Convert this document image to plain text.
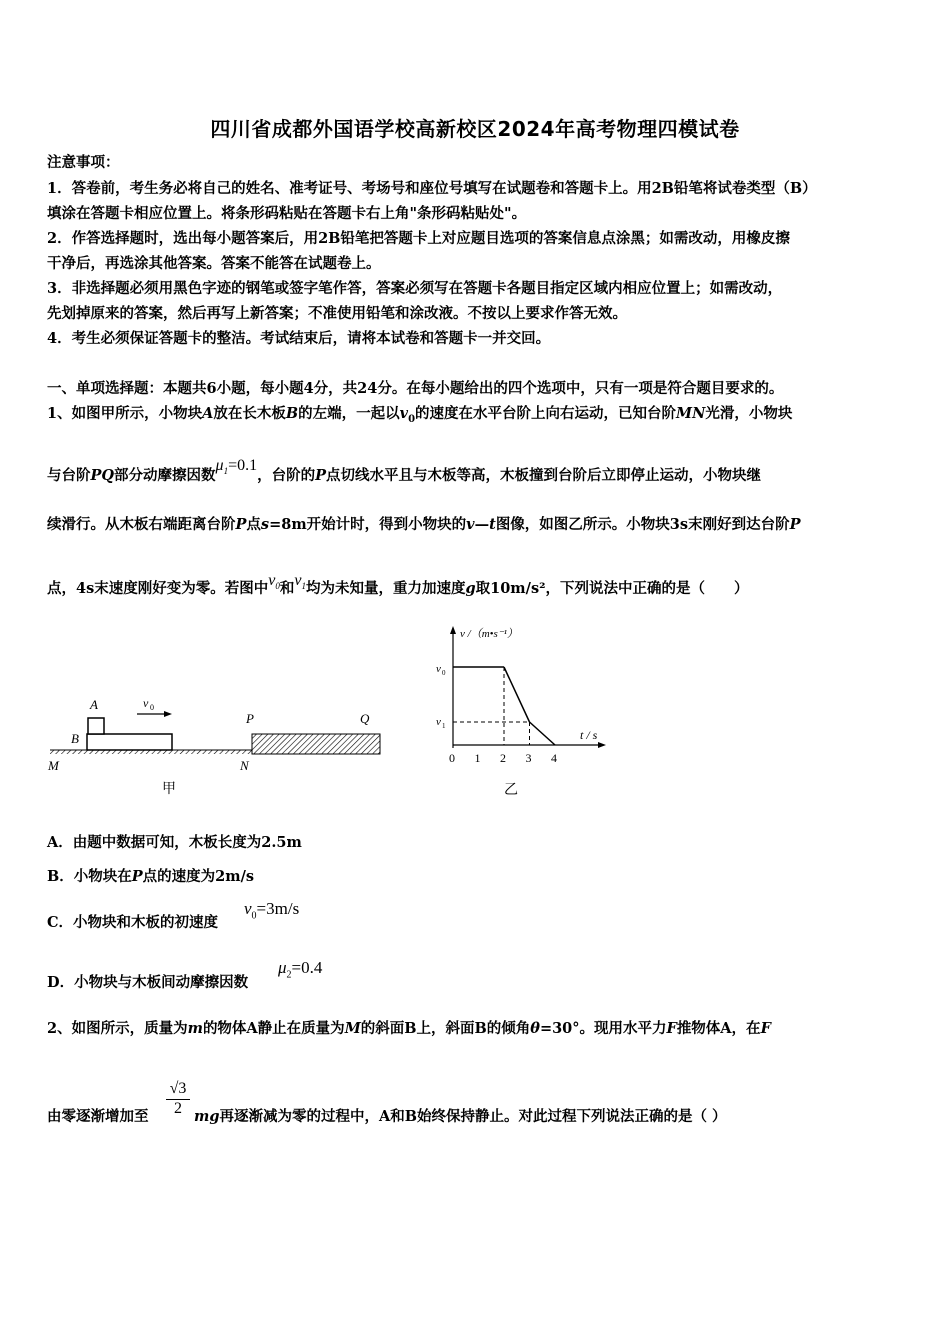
四川省成都外国语学校高新校区2024年高考物理四模试卷
注意事项：
1．答卷前，考生务必将自己的姓名、准考证号、考场号和座位号填写在试题卷和答题卡上。用2B铅笔将试卷类型（B）
填涂在答题卡相应位置上。将条形码粘贴在答题卡右上角"条形码粘贴处"。
2．作答选择题时，选出每小题答案后，用2B铅笔把答题卡上对应题目选项的答案信息点涂黑；如需改动，用橡皮擦
干净后，再选涂其他答案。答案不能答在试题卷上。
3．非选择题必须用黑色字迹的钢笔或签字笔作答，答案必须写在答题卡各题目指定区域内相应位置上；如需改动，
先划掉原来的答案，然后再写上新答案；不准使用铅笔和涂改液。不按以上要求作答无效。
4．考生必须保证答题卡的整洁。考试结束后，请将本试卷和答题卡一并交回。
一、单项选择题：本题共6小题，每小题4分，共24分。在每小题给出的四个选项中，只有一项是符合题目要求的。
1、如图甲所示，小物块A放在长木板B的左端，一起以$v_0$的速度在水平台阶上向右运动，已知台阶MN光滑，小物块
与台阶PQ部分动摩擦因数$\mu_1=0.1$，台阶的P点切线水平且与木板等高，木板撞到台阶后立即停止运动，小物块继
续滑行。从木板右端距离台阶P点s=8m开始计时，得到小物块的v—t图像，如图乙所示。小物块3s末刚好到达台阶P
点，4s末速度刚好变为零。若图中$v_0$和$v_1$均为未知量，重力加速度g取10m/s²，下列说法中正确的是（　　）
A
B
v 0
P	Q
M	N
甲
v /（m•s⁻¹）
v 0
v 1
t / s
0 1 2 3 4
乙
A．由题中数据可知，木板长度为2.5m
B．小物块在P点的速度为2m/s
C．小物块和木板的初速度
$v_0=3m/s$
D．小物块与木板间动摩擦因数
$\mu_2=0.4$
2、如图所示，质量为m的物体A静止在质量为M的斜面B上，斜面B的倾角θ=30°。现用水平力F推物体A，在F
由零逐渐增加至 $\frac{√3}{2}$ mg再逐渐减为零的过程中，A和B始终保持静止。对此过程下列说法正确的是（ ）
